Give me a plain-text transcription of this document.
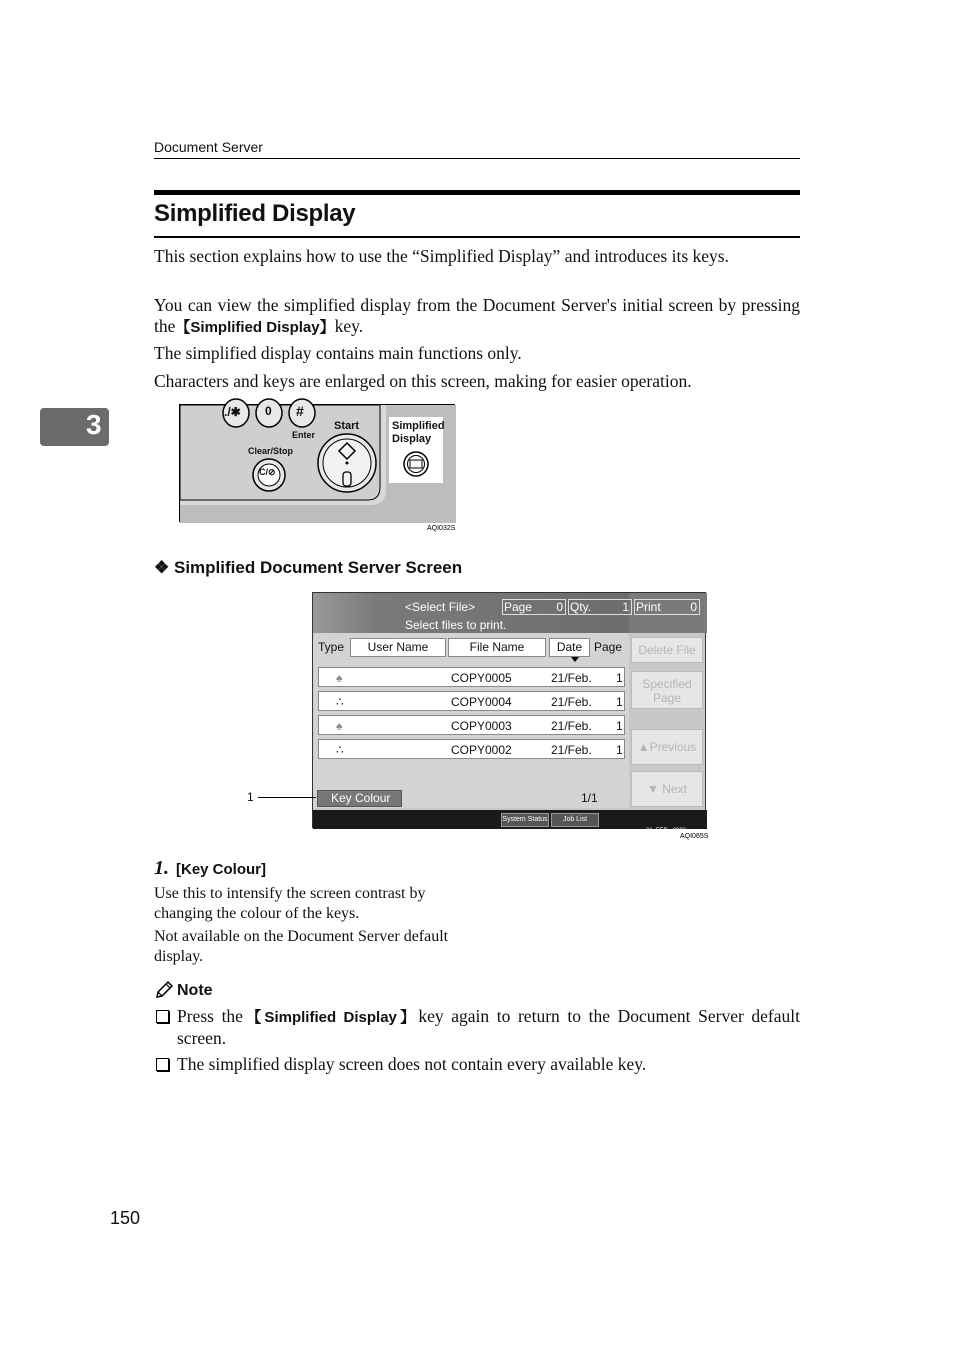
Document Server
Simplified Display

This section explains how to use the “Simplified Display” and introduces its keys.

You can view the simplified display from the Document Server's initial screen by pressing the【Simplified Display】key.

The simplified display contains main functions only.

Characters and keys are enlarged on this screen, making for easier operation.

3	./✱ 0 #
Enter
Start
Clear/Stop
C/⊘
Simplified
Display
AQI032S
❖ Simplified Document Server Screen
<Select File> Page 0 Qty.	1 Print 0
Select files to print.
Type	User Name	File Name	Date Page
♠	COPY0005	21/Feb. 1
∴	COPY0004	21/Feb. 1
♠	COPY0003	21/Feb. 1
∴	COPY0002	21/Feb. 1
Delete File
Specified
Page
▲Previous
▼ Next
Key Colour	1/1
System Status	Job List

21  FEB   2006

18:40

AQI065S
1
1. [Key Colour]

Use this to intensify the screen contrast by changing the colour of the keys.

Not available on the Document Server default display.

Note

Press the【Simplified Display】key again to return to the Document Server default screen.

The simplified display screen does not contain every available key.

150
